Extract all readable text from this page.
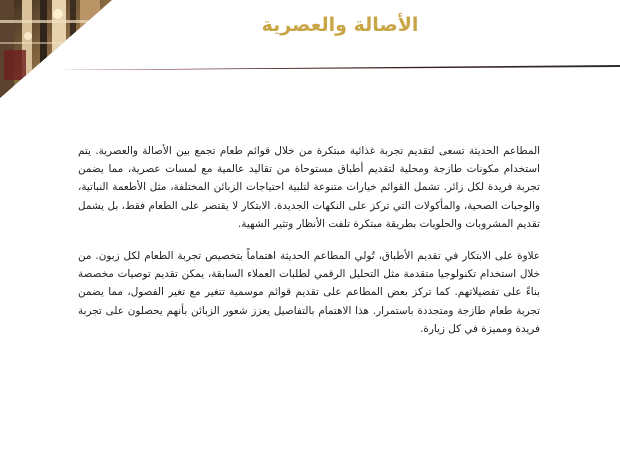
الأصالة والعصرية

المطاعم الحديثة تسعى لتقديم تجربة غذائية مبتكرة من خلال قوائم طعام تجمع بين الأصالة والعصرية. يتم استخدام مكونات طازجة ومحلية لتقديم أطباق مستوحاة من تقاليد عالمية مع لمسات عصرية، مما يضمن تجربة فريدة لكل زائر. تشمل القوائم خيارات متنوعة لتلبية احتياجات الزبائن المختلفة، مثل الأطعمة النباتية، والوجبات الصحية، والمأكولات التي تركز على النكهات الجديدة. الابتكار لا يقتصر على الطعام فقط، بل يشمل تقديم المشروبات والحلويات بطريقة مبتكرة تلفت الأنظار وتثير الشهية.

علاوة على الابتكار في تقديم الأطباق، تُولي المطاعم الحديثة اهتماماً بتخصيص تجربة الطعام لكل زبون. من خلال استخدام تكنولوجيا متقدمة مثل التحليل الرقمي لطلبات العملاء السابقة، يمكن تقديم توصيات مخصصة بناءً على تفضيلاتهم. كما تركز بعض المطاعم على تقديم قوائم موسمية تتغير مع تغير الفصول، مما يضمن تجربة طعام طازجة ومتجددة باستمرار. هذا الاهتمام بالتفاصيل يعزز شعور الزبائن بأنهم يحصلون على تجربة فريدة ومميزة في كل زيارة.
